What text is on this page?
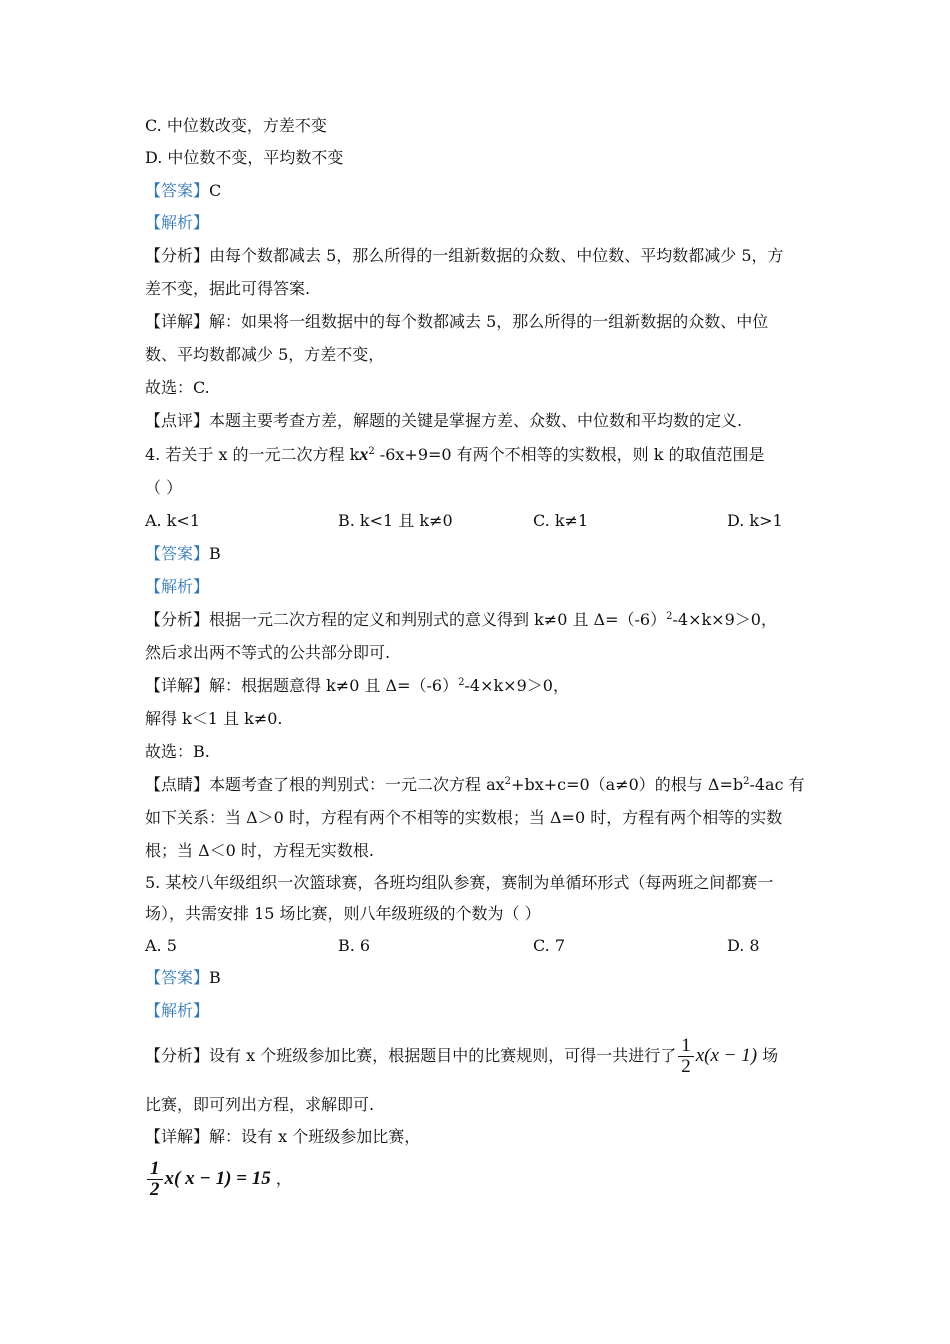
C. 中位数改变，方差不变
D. 中位数不变，平均数不变
【答案】C
【解析】
【分析】由每个数都减去 5，那么所得的一组新数据的众数、中位数、平均数都减少 5，方
差不变，据此可得答案.
【详解】解：如果将一组数据中的每个数都减去 5，那么所得的一组新数据的众数、中位
数、平均数都减少 5，方差不变，
故选：C.
【点评】本题主要考查方差，解题的关键是掌握方差、众数、中位数和平均数的定义.
4. 若关于 x 的一元二次方程 $kx^2$ -6x+9=0 有两个不相等的实数根，则 k 的取值范围是
（ ）
A. k<1	B. k<1 且 k≠0	C. k≠1	D. k>1
【答案】B
【解析】
【分析】根据一元二次方程的定义和判别式的意义得到 k≠0 且 $\Delta=(-6)^2-4\times k\times 9>0$，
然后求出两不等式的公共部分即可.
【详解】解：根据题意得 k≠0 且 $\Delta=(-6)^2-4\times k\times 9>0$，
解得 k＜1 且 k≠0.
故选：B.
【点睛】本题考查了根的判别式：一元二次方程 $ax^2+bx+c=0(a\ne 0)$的根与 $\Delta=b^2-4ac$ 有
如下关系：当 Δ＞0 时，方程有两个不相等的实数根；当 Δ=0 时，方程有两个相等的实数
根；当 Δ＜0 时，方程无实数根.
5. 某校八年级组织一次篮球赛，各班均组队参赛，赛制为单循环形式（每两班之间都赛一
场），共需安排 15 场比赛，则八年级班级的个数为（ ）
A. 5	B. 6	C. 7	D. 8
【答案】B
【解析】
【分析】设有 x 个班级参加比赛，根据题目中的比赛规则，可得一共进行了 $\frac{1}{2} x(x - 1)$ 场
比赛，即可列出方程，求解即可.
【详解】解：设有 x 个班级参加比赛，
$\frac{1}{2} x$( x − 1) = 15 ，
